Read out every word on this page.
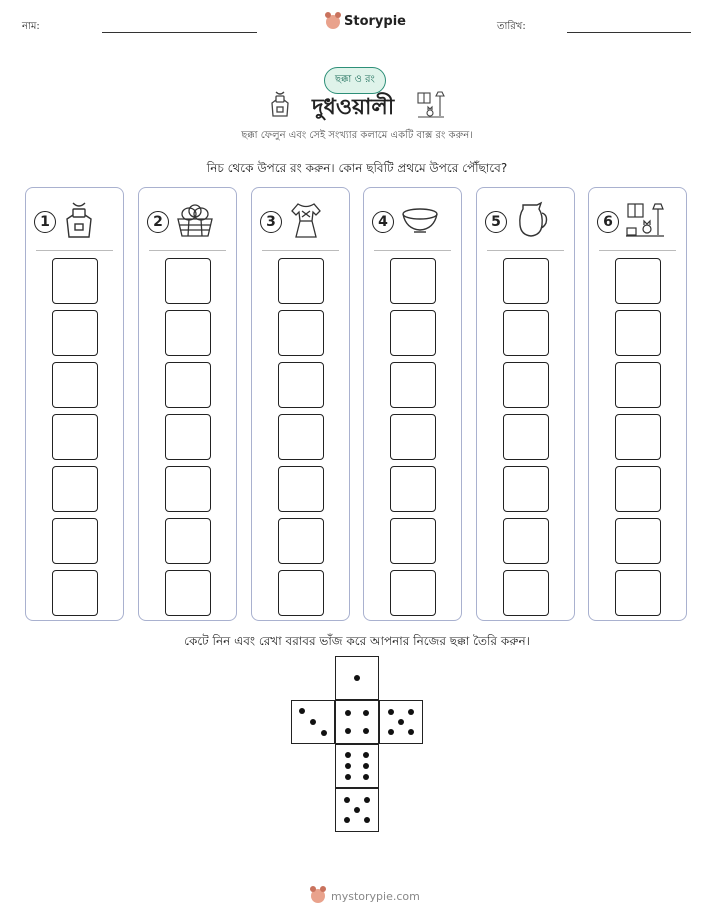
নাম:	Storypie	তারিখ:
ছক্কা ও রং
দুধওয়ালী
ছক্কা ফেলুন এবং সেই সংখ্যার কলামে একটি বাক্স রং করুন।
নিচ থেকে উপরে রং করুন। কোন ছবিটি প্রথমে উপরে পৌঁছাবে?
1	2	3	4	5	6
কেটে নিন এবং রেখা বরাবর ভাঁজ করে আপনার নিজের ছক্কা তৈরি করুন।
mystorypie.com
